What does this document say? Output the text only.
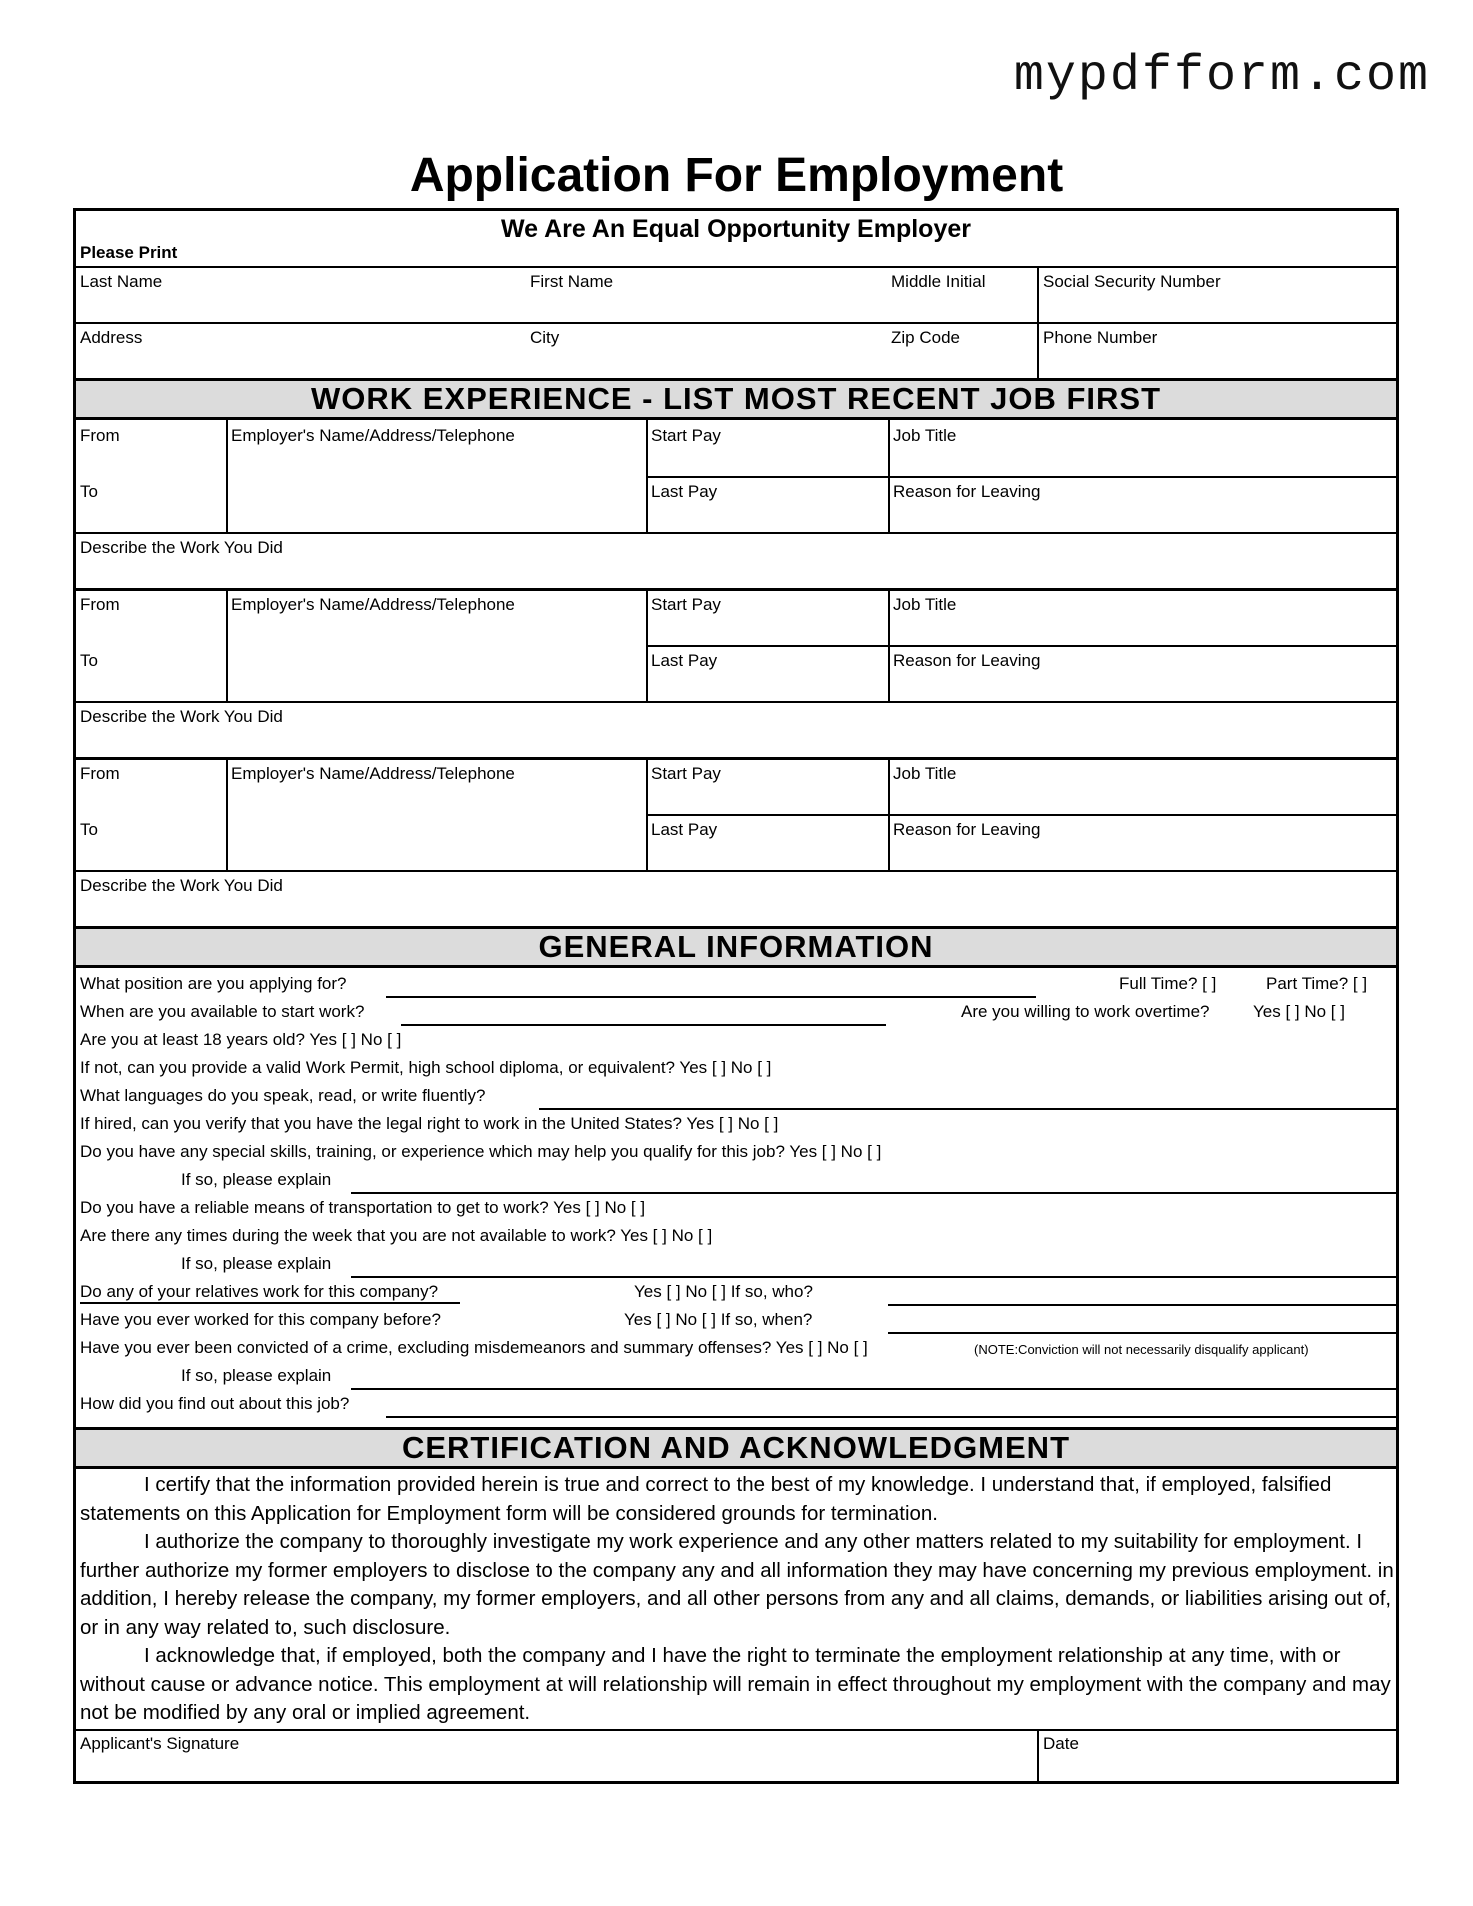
mypdfform.com
Application For Employment
We Are An Equal Opportunity Employer
Please Print
Last Name	First Name	Middle Initial	Social Security Number
Address	City	Zip Code	Phone Number
WORK EXPERIENCE - LIST MOST RECENT JOB FIRST
From	Employer's Name/Address/Telephone	Start Pay	Job Title
To	Last Pay	Reason for Leaving
Describe the Work You Did
From	Employer's Name/Address/Telephone	Start Pay	Job Title
To	Last Pay	Reason for Leaving
Describe the Work You Did
From	Employer's Name/Address/Telephone	Start Pay	Job Title
To	Last Pay	Reason for Leaving
Describe the Work You Did
GENERAL INFORMATION
What position are you applying for?	Full Time? [ ]	Part Time? [ ]
When are you available to start work?	Are you willing to work overtime?	Yes [ ] No [ ]
Are you at least 18 years old? Yes [ ] No [ ]
If not, can you provide a valid Work Permit, high school diploma, or equivalent? Yes [ ] No [ ]
What languages do you speak, read, or write fluently?
If hired, can you verify that you have the legal right to work in the United States? Yes [ ] No [ ]
Do you have any special skills, training, or experience which may help you qualify for this job? Yes [ ] No [ ]
If so, please explain
Do you have a reliable means of transportation to get to work? Yes [ ] No [ ]
Are there any times during the week that you are not available to work? Yes [ ] No [ ]
If so, please explain
Do any of your relatives work for this company?	Yes [ ] No [ ] If so, who?
Have you ever worked for this company before?	Yes [ ] No [ ] If so, when?
Have you ever been convicted of a crime, excluding misdemeanors and summary offenses? Yes [ ] No [ ]	(NOTE:Conviction will not necessarily disqualify applicant)
If so, please explain
How did you find out about this job?
CERTIFICATION AND ACKNOWLEDGMENT

I certify that the information provided herein is true and correct to the best of my knowledge. I understand that, if employed, falsified statements on this Application for Employment form will be considered grounds for termination.

I authorize the company to thoroughly investigate my work experience and any other matters related to my suitability for employment. I further authorize my former employers to disclose to the company any and all information they may have concerning my previous employment. in addition, I hereby release the company, my former employers, and all other persons from any and all claims, demands, or liabilities arising out of, or in any way related to, such disclosure.

I acknowledge that, if employed, both the company and I have the right to terminate the employment relationship at any time, with or without cause or advance notice. This employment at will relationship will remain in effect throughout my employment with the company and may not be modified by any oral or implied agreement.

Applicant's Signature	Date
